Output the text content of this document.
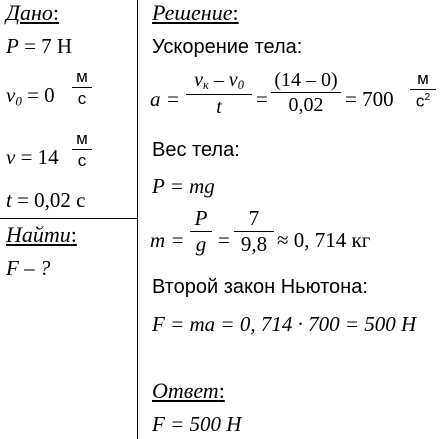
Дано:
P = 7 Н
$v_0 = 0$
м
с
v = 14
м
с
t = 0,02 с
Найти:
F – ?
Решение:
Ускорение тела:
a =
$v_к - v_0$
t	=
(14 – 0)
0,02	= 700
м
$с^2$
Вес тела:
P = mg
m =
P
g =
7
9,8 ≈ 0, 714 кг
Второй закон Ньютона:
F = ma = 0, 714 · 700 = 500 Н
Ответ:
F = 500 Н
